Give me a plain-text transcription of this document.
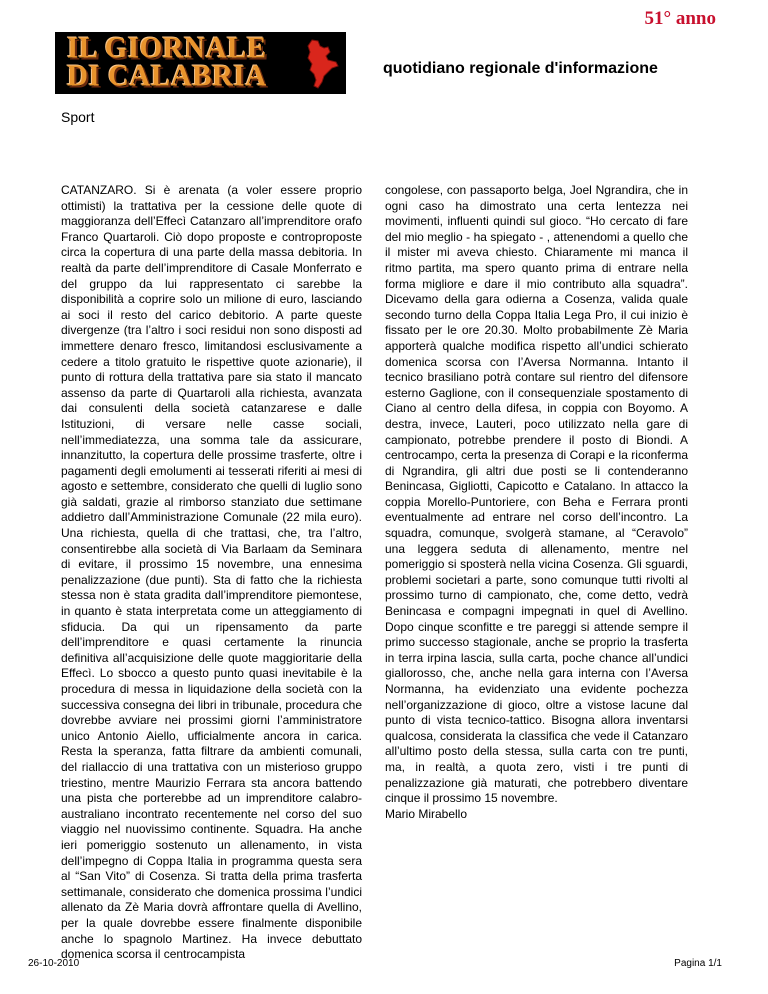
51° anno
IL GIORNALE
DI CALABRIA	quotidiano regionale d'informazione
Sport

CATANZARO. Si è arenata (a voler essere proprio ottimisti) la trattativa per la cessione delle quote di maggioranza dell’Effecì Catanzaro all’imprenditore orafo Franco Quartaroli. Ciò dopo proposte e controproposte circa la copertura di una parte della massa debitoria. In realtà da parte dell’imprenditore di Casale Monferrato e del gruppo da lui rappresentato ci sarebbe la disponibilità a coprire solo un milione di euro, lasciando ai soci il resto del carico debitorio. A parte queste divergenze (tra l’altro i soci residui non sono disposti ad immettere denaro fresco, limitandosi esclusivamente a cedere a titolo gratuito le rispettive quote azionarie), il punto di rottura della trattativa pare sia stato il mancato assenso da parte di Quartaroli alla richiesta, avanzata dai consulenti della società catanzarese e dalle Istituzioni, di versare nelle casse sociali, nell’immediatezza, una somma tale da assicurare, innanzitutto, la copertura delle prossime trasferte, oltre i pagamenti degli emolumenti ai tesserati riferiti ai mesi di agosto e settembre, considerato che quelli di luglio sono già saldati, grazie al rimborso stanziato due settimane addietro dall’Amministrazione Comunale (22 mila euro). Una richiesta, quella di che trattasi, che, tra l’altro, consentirebbe alla società di Via Barlaam da Seminara di evitare, il prossimo 15 novembre, una ennesima penalizzazione (due punti). Sta di fatto che la richiesta stessa non è stata gradita dall’imprenditore piemontese, in quanto è stata interpretata come un atteggiamento di sfiducia. Da qui un ripensamento da parte dell’imprenditore e quasi certamente la rinuncia definitiva all’acquisizione delle quote maggioritarie della Effecì. Lo sbocco a questo punto quasi inevitabile è la procedura di messa in liquidazione della società con la successiva consegna dei libri in tribunale, procedura che dovrebbe avviare nei prossimi giorni l’amministratore unico Antonio Aiello, ufficialmente ancora in carica. Resta la speranza, fatta filtrare da ambienti comunali, del riallaccio di una trattativa con un misterioso gruppo triestino, mentre Maurizio Ferrara sta ancora battendo una pista che porterebbe ad un imprenditore calabro-australiano incontrato recentemente nel corso del suo viaggio nel nuovissimo continente. Squadra. Ha anche ieri pomeriggio sostenuto un allenamento, in vista dell’impegno di Coppa Italia in programma questa sera al “San Vito” di Cosenza. Si tratta della prima trasferta settimanale, considerato che domenica prossima l’undici allenato da Zè Maria dovrà affrontare quella di Avellino, per la quale dovrebbe essere finalmente disponibile anche lo spagnolo Martinez. Ha invece debuttato domenica scorsa il centrocampista

congolese, con passaporto belga, Joel Ngrandira, che in ogni caso ha dimostrato una certa lentezza nei movimenti, influenti quindi sul gioco. “Ho cercato di fare del mio meglio - ha spiegato - , attenendomi a quello che il mister mi aveva chiesto. Chiaramente mi manca il ritmo partita, ma spero quanto prima di entrare nella forma migliore e dare il mio contributo alla squadra”. Dicevamo della gara odierna a Cosenza, valida quale secondo turno della Coppa Italia Lega Pro, il cui inizio è fissato per le ore 20.30. Molto probabilmente Zè Maria apporterà qualche modifica rispetto all’undici schierato domenica scorsa con l’Aversa Normanna. Intanto il tecnico brasiliano potrà contare sul rientro del difensore esterno Gaglione, con il consequenziale spostamento di Ciano al centro della difesa, in coppia con Boyomo. A destra, invece, Lauteri, poco utilizzato nella gare di campionato, potrebbe prendere il posto di Biondi. A centrocampo, certa la presenza di Corapi e la riconferma di Ngrandira, gli altri due posti se li contenderanno Benincasa, Gigliotti, Capicotto e Catalano. In attacco la coppia Morello-Puntoriere, con Beha e Ferrara pronti eventualmente ad entrare nel corso dell’incontro. La squadra, comunque, svolgerà stamane, al “Ceravolo” una leggera seduta di allenamento, mentre nel pomeriggio si sposterà nella vicina Cosenza. Gli sguardi, problemi societari a parte, sono comunque tutti rivolti al prossimo turno di campionato, che, come detto, vedrà Benincasa e compagni impegnati in quel di Avellino. Dopo cinque sconfitte e tre pareggi si attende sempre il primo successo stagionale, anche se proprio la trasferta in terra irpina lascia, sulla carta, poche chance all’undici giallorosso, che, anche nella gara interna con l’Aversa Normanna, ha evidenziato una evidente pochezza nell’organizzazione di gioco, oltre a vistose lacune dal punto di vista tecnico-tattico. Bisogna allora inventarsi qualcosa, considerata la classifica che vede il Catanzaro all’ultimo posto della stessa, sulla carta con tre punti, ma, in realtà, a quota zero, visti i tre punti di penalizzazione già maturati, che potrebbero diventare cinque il prossimo 15 novembre.

Mario Mirabello

26-10-2010	Pagina 1/1
